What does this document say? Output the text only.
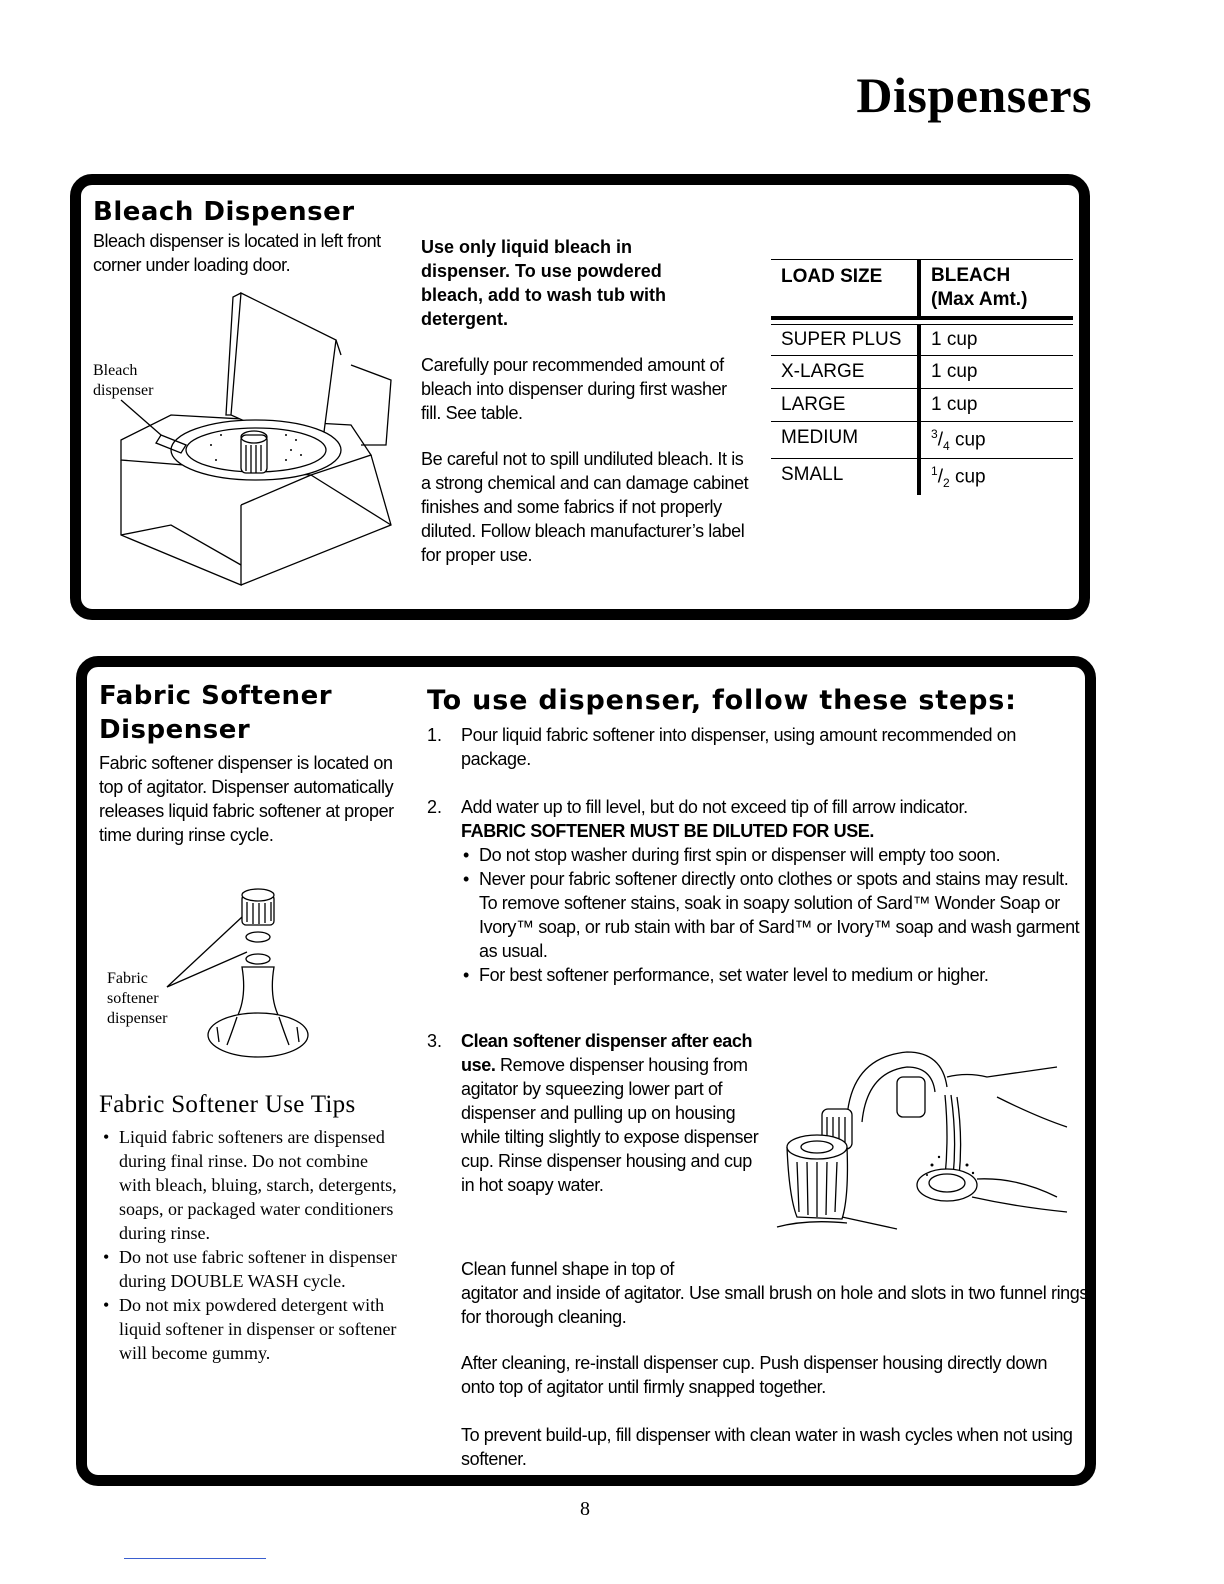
Dispensers
Bleach Dispenser
Bleach dispenser is located in left front corner under loading door.
Bleach dispenser
Use only liquid bleach in dispenser. To use powdered bleach, add to wash tub with detergent.
Carefully pour recommended amount of bleach into dispenser during first washer fill. See table.
Be careful not to spill undiluted bleach. It is a strong chemical and can damage cabinet finishes and some fabrics if not properly diluted. Follow bleach manufacturer’s label for proper use.
LOAD SIZE	BLEACH
(Max Amt.)
SUPER PLUS	1 cup
X-LARGE	1 cup
LARGE	1 cup
MEDIUM	$^3/_4$ cup
SMALL	$^1/_2$ cup
Fabric Softener
Dispenser
Fabric softener dispenser is located on top of agitator. Dispenser automatically releases liquid fabric softener at proper time during rinse cycle.
Fabric
softener
dispenser
Fabric Softener Use Tips
• Liquid fabric softeners are dispensed during final rinse. Do not combine with bleach, bluing, starch, detergents, soaps, or packaged water conditioners during rinse.
• Do not use fabric softener in dispenser during DOUBLE WASH cycle.
• Do not mix powdered detergent with liquid softener in dispenser or softener will become gummy.
To use dispenser, follow these steps:
1. Pour liquid fabric softener into dispenser, using amount recommended on package.
2. Add water up to fill level, but do not exceed tip of fill arrow indicator.
FABRIC SOFTENER MUST BE DILUTED FOR USE.
• Do not stop washer during first spin or dispenser will empty too soon.
• Never pour fabric softener directly onto clothes or spots and stains may result. To remove softener stains, soak in soapy solution of Sard™ Wonder Soap or Ivory™ soap, or rub stain with bar of Sard™ or Ivory™ soap and wash garment as usual.
• For best softener performance, set water level to medium or higher.
3. Clean softener dispenser after each use. Remove dispenser housing from agitator by squeezing lower part of dispenser and pulling up on housing while tilting slightly to expose dispenser cup. Rinse dispenser housing and cup in hot soapy water.
Clean funnel shape in top of
agitator and inside of agitator. Use small brush on hole and slots in two funnel rings for thorough cleaning.
After cleaning, re-install dispenser cup. Push dispenser housing directly down onto top of agitator until firmly snapped together.
To prevent build-up, fill dispenser with clean water in wash cycles when not using softener.
8
